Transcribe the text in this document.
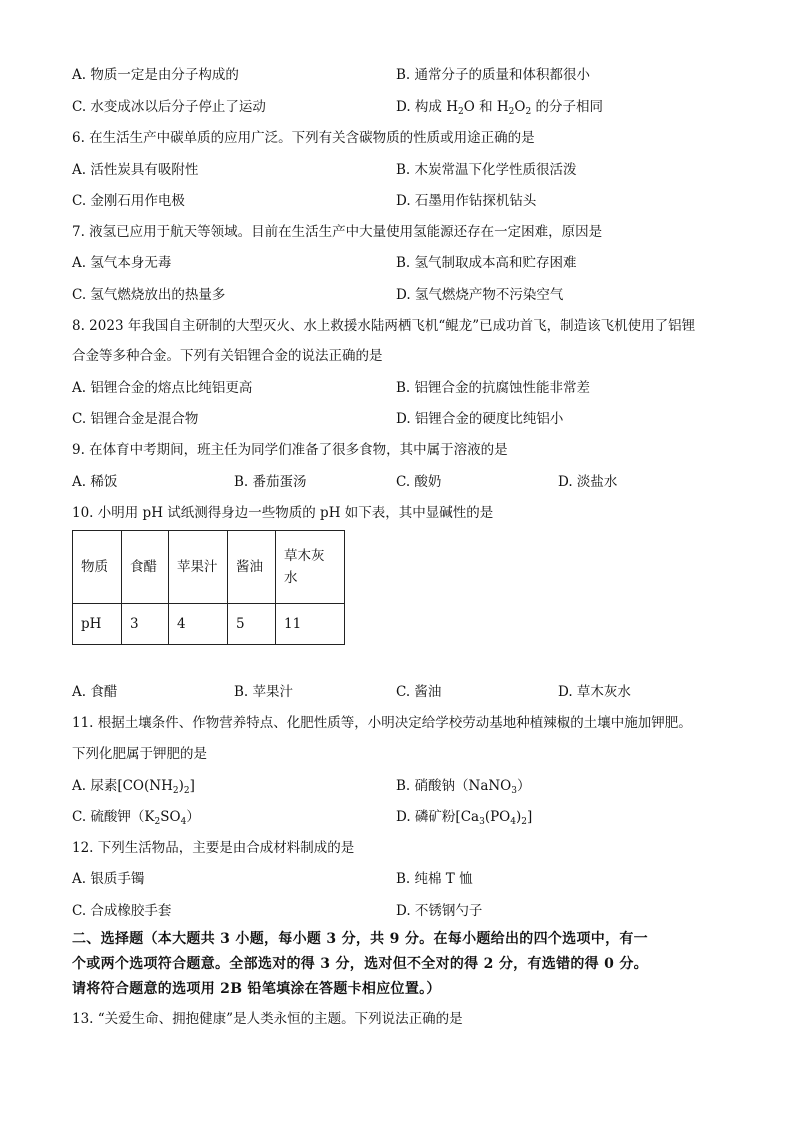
A. 物质一定是由分子构成的	B. 通常分子的质量和体积都很小
C. 水变成冰以后分子停止了运动	D. 构成 $H_2O$ 和 $H_2O_2$ 的分子相同
6. 在生活生产中碳单质的应用广泛。下列有关含碳物质的性质或用途正确的是
A. 活性炭具有吸附性	B. 木炭常温下化学性质很活泼
C. 金刚石用作电极	D. 石墨用作钻探机钻头
7. 液氢已应用于航天等领域。目前在生活生产中大量使用氢能源还存在一定困难，原因是
A. 氢气本身无毒	B. 氢气制取成本高和贮存困难
C. 氢气燃烧放出的热量多	D. 氢气燃烧产物不污染空气
8. 2023 年我国自主研制的大型灭火、水上救援水陆两栖飞机“鲲龙”已成功首飞，制造该飞机使用了铝锂
合金等多种合金。下列有关铝锂合金的说法正确的是
A. 铝锂合金的熔点比纯铝更高	B. 铝锂合金的抗腐蚀性能非常差
C. 铝锂合金是混合物	D. 铝锂合金的硬度比纯铝小
9. 在体育中考期间，班主任为同学们准备了很多食物，其中属于溶液的是
A. 稀饭	B. 番茄蛋汤	C. 酸奶	D. 淡盐水
10. 小明用 pH 试纸测得身边一些物质的 pH 如下表，其中显碱性的是
物质	食醋	苹果汁	酱油	草木灰
水
pH	3	4	5	11
A. 食醋	B. 苹果汁	C. 酱油	D. 草木灰水
11. 根据土壤条件、作物营养特点、化肥性质等，小明决定给学校劳动基地种植辣椒的土壤中施加钾肥。
下列化肥属于钾肥的是
A. 尿素$[CO(NH_2)_2]$	B. 硝酸钠（NaNO$_3$）
C. 硫酸钾$(K_2SO_4)$	D. 磷矿粉$[Ca_3(PO_4)_2]$
12. 下列生活物品，主要是由合成材料制成的是
A. 银质手镯	B. 纯棉 T 恤
C. 合成橡胶手套	D. 不锈钢勺子
二、选择题（本大题共 3 小题，每小题 3 分，共 9 分。在每小题给出的四个选项中，有一
个或两个选项符合题意。全部选对的得 3 分，选对但不全对的得 2 分，有选错的得 0 分。
请将符合题意的选项用 2B 铅笔填涂在答题卡相应位置。）
13. “关爱生命、拥抱健康”是人类永恒的主题。下列说法正确的是
